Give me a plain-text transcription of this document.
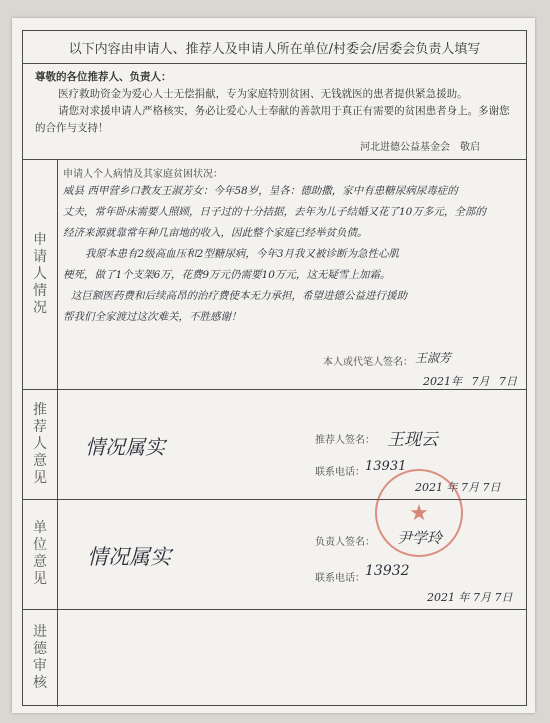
以下内容由申请人、推荐人及申请人所在单位/村委会/居委会负责人填写

尊敬的各位推荐人、负责人：

医疗救助资金为爱心人士无偿捐献，专为家庭特别贫困、无钱就医的患者提供紧急援助。

请您对求援申请人严格核实，务必让爱心人士奉献的善款用于真正有需要的贫困患者身上。多谢您的合作与支持！

河北进德公益基金会　敬启

申
请
人
情
况
申请人个人病情及其家庭贫困状况：
威县 西甲营乡口教友王淑芳女：今年58岁，呈各：德助撒，家中有患糖尿病尿毒症的
丈夫，常年卧床需要人照顾，日子过的十分拮据，去年为儿子结婚又花了10万多元，全部的
经济来源就靠常年种几亩地的收入，因此整个家庭已经举贫负债。
我原本患有2级高血压和2型糖尿病，今年3月我又被诊断为急性心肌
梗死，做了1个支架6万，花费9万元仍需要10万元，这无疑雪上加霜。
这巨额医药费和后续高昂的治疗费使本无力承担，希望进德公益进行援助
帮我们全家渡过这次难关，不胜感谢！
本人或代笔人签名： 王淑芳
2021年 7月 7日
推
荐
人
意
见
情况属实	推荐人签名： 王现云
联系电话： 13931
2021 年 7月 7日
单
位
意
见
情况属实
负责人签名： 尹学玲
联系电话： 13932
2021 年 7月 7日
★
进
德
审
核
